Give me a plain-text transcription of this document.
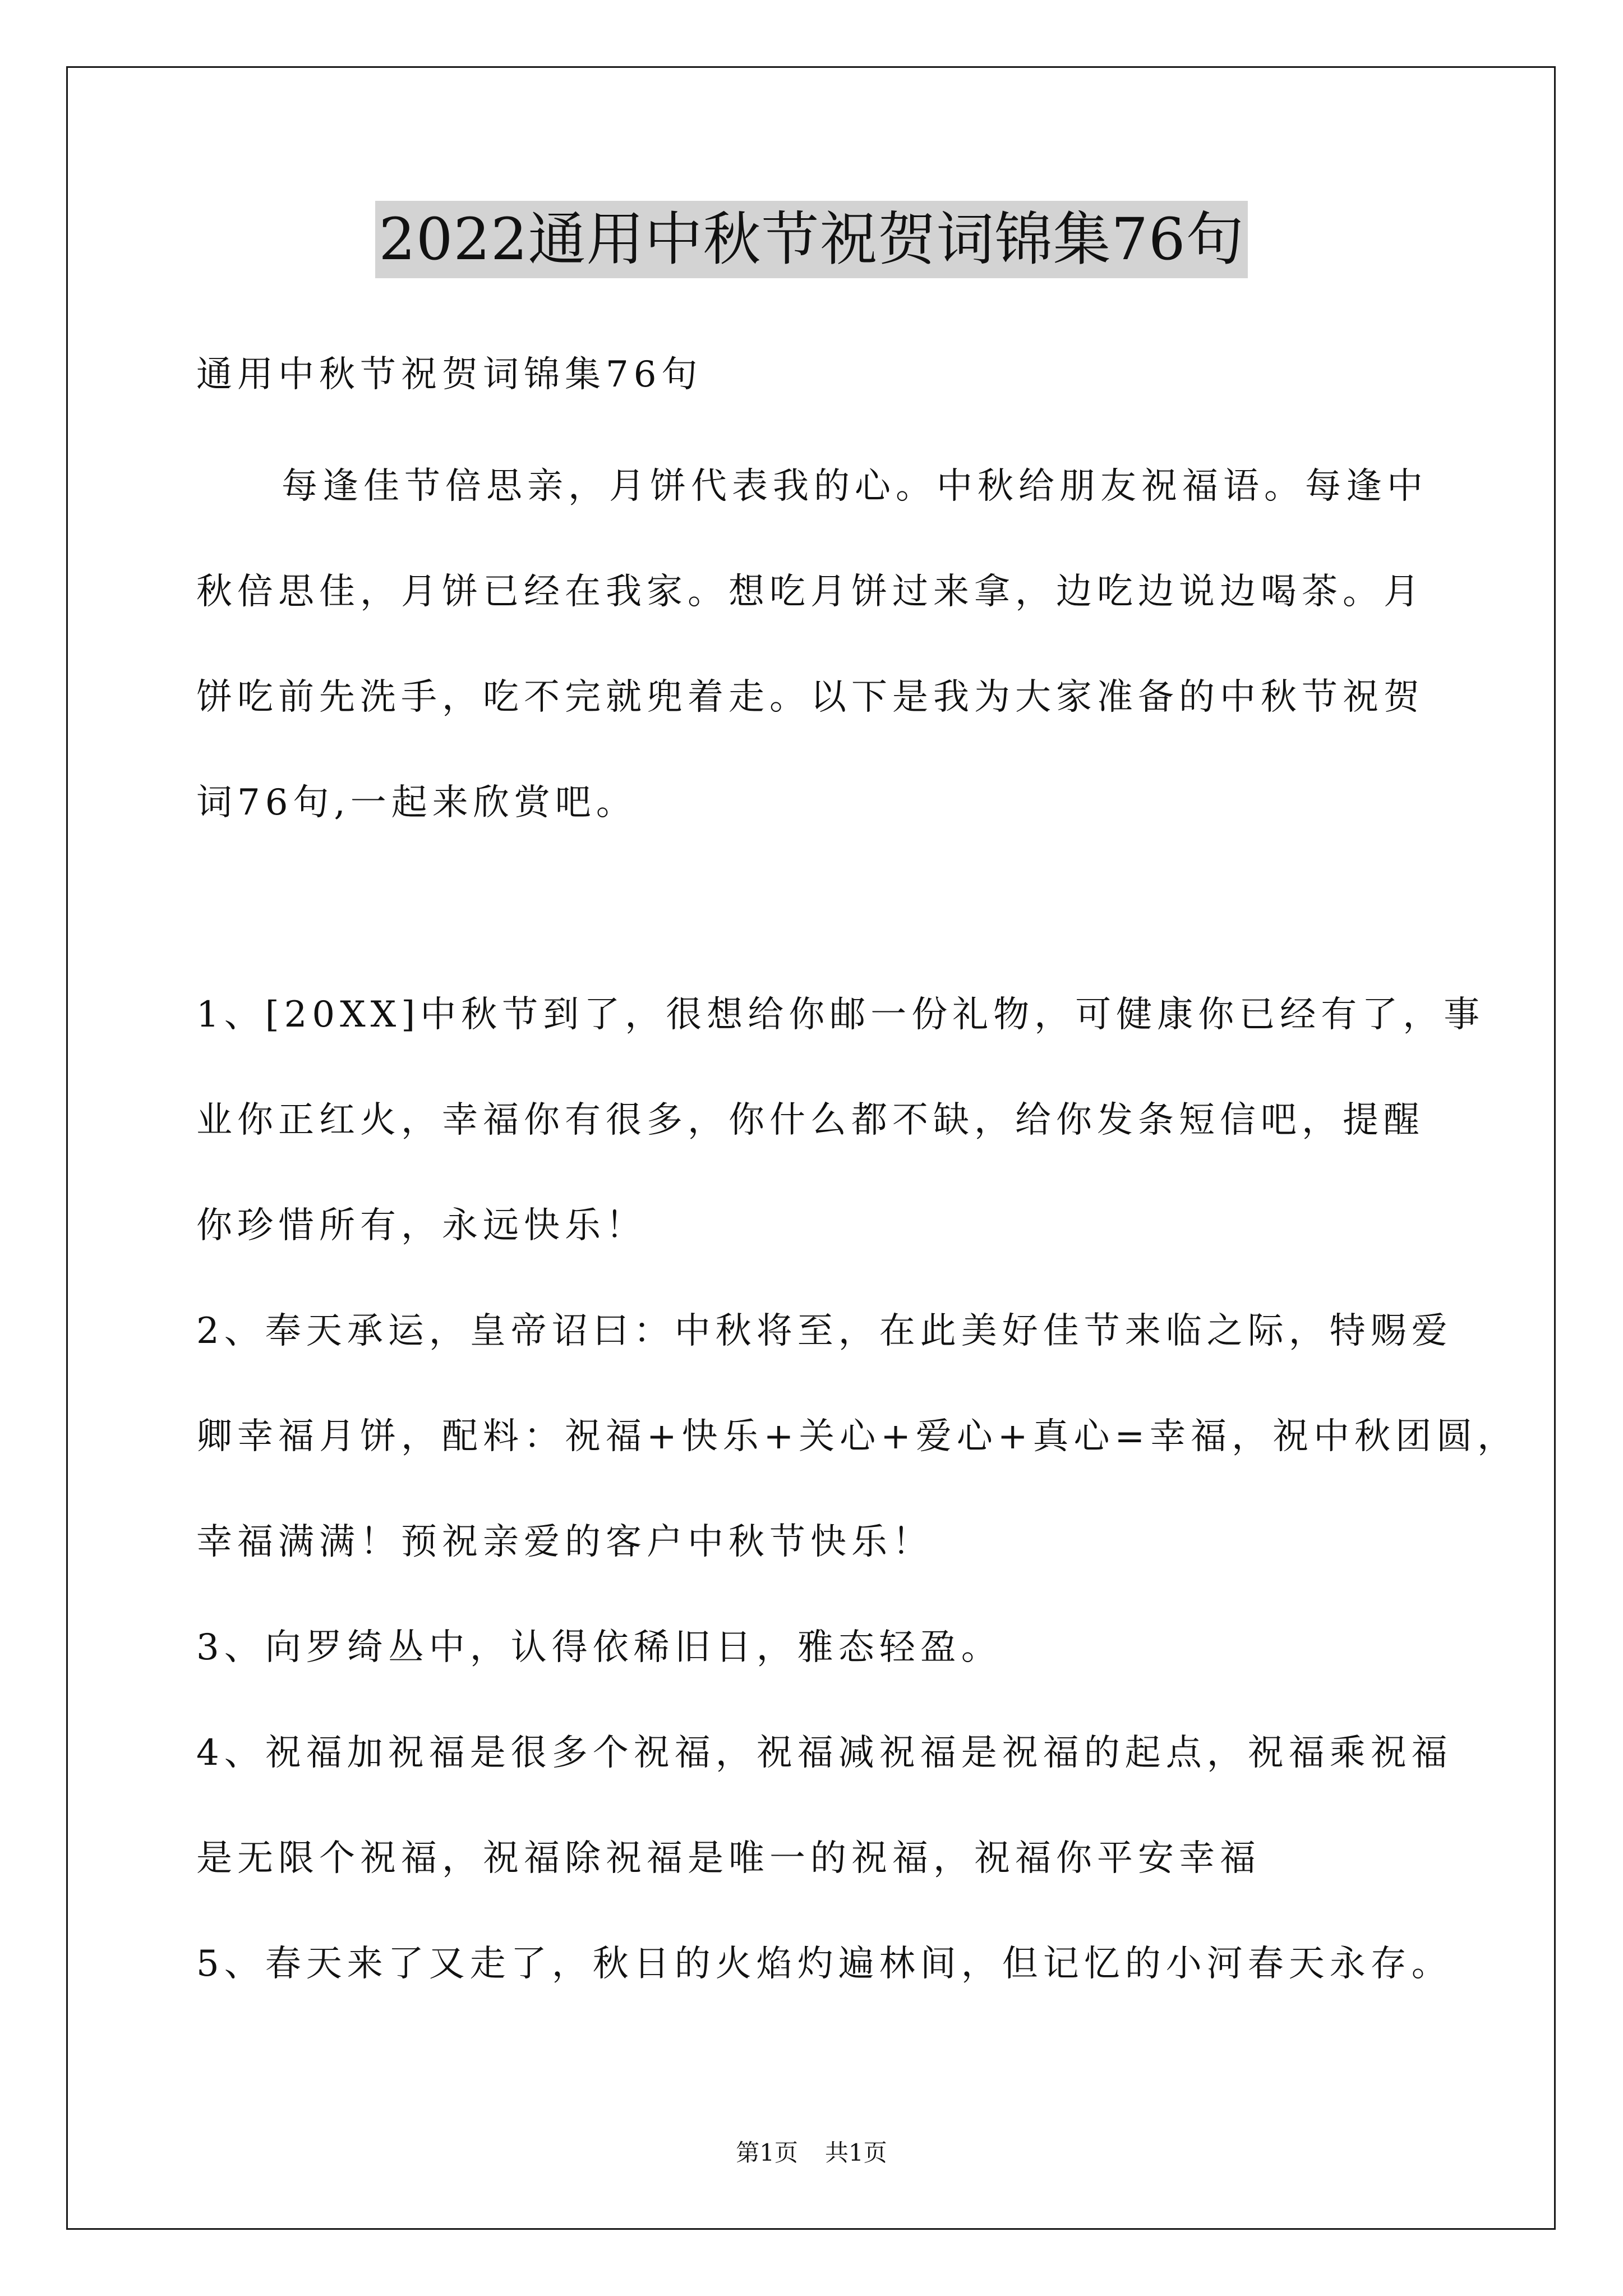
2022通用中秋节祝贺词锦集76句
通用中秋节祝贺词锦集76句
每逢佳节倍思亲，月饼代表我的心。中秋给朋友祝福语。每逢中
秋倍思佳，月饼已经在我家。想吃月饼过来拿，边吃边说边喝茶。月
饼吃前先洗手，吃不完就兜着走。以下是我为大家准备的中秋节祝贺
词76句,一起来欣赏吧。
1、[20XX]中秋节到了，很想给你邮一份礼物，可健康你已经有了，事
业你正红火，幸福你有很多，你什么都不缺，给你发条短信吧，提醒
你珍惜所有，永远快乐！
2、奉天承运，皇帝诏曰：中秋将至，在此美好佳节来临之际，特赐爱
卿幸福月饼，配料：祝福+快乐+关心+爱心+真心=幸福，祝中秋团圆，
幸福满满！预祝亲爱的客户中秋节快乐！
3、向罗绮丛中，认得依稀旧日，雅态轻盈。
4、祝福加祝福是很多个祝福，祝福减祝福是祝福的起点，祝福乘祝福
是无限个祝福，祝福除祝福是唯一的祝福，祝福你平安幸福
5、春天来了又走了，秋日的火焰灼遍林间，但记忆的小河春天永存。
第1页 共1页
